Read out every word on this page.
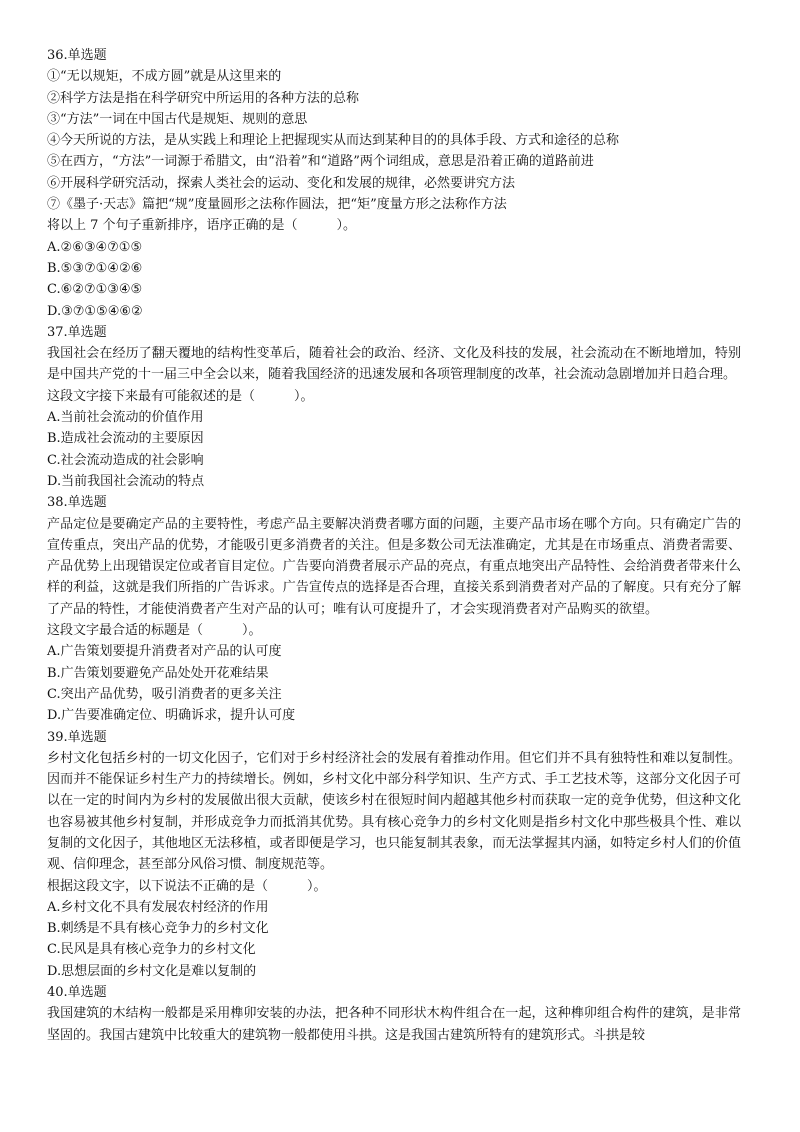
36.单选题
①“无以规矩，不成方圆”就是从这里来的
②科学方法是指在科学研究中所运用的各种方法的总称
③“方法”一词在中国古代是规矩、规则的意思
④今天所说的方法，是从实践上和理论上把握现实从而达到某种目的的具体手段、方式和途径的总称
⑤在西方，“方法”一词源于希腊文，由“沿着”和“道路”两个词组成，意思是沿着正确的道路前进
⑥开展科学研究活动，探索人类社会的运动、变化和发展的规律，必然要讲究方法
⑦《墨子·天志》篇把“规”度量圆形之法称作圆法，把“矩”度量方形之法称作方法
将以上 7 个句子重新排序，语序正确的是（　　　）。
A.②⑥③④⑦①⑤
B.⑤③⑦①④②⑥
C.⑥②⑦①③④⑤
D.③⑦①⑤④⑥②
37.单选题
我国社会在经历了翻天覆地的结构性变革后，随着社会的政治、经济、文化及科技的发展，社会流动在不断地增加，特别是中国共产党的十一届三中全会以来，随着我国经济的迅速发展和各项管理制度的改革，社会流动急剧增加并日趋合理。
这段文字接下来最有可能叙述的是（　　　）。
A.当前社会流动的价值作用
B.造成社会流动的主要原因
C.社会流动造成的社会影响
D.当前我国社会流动的特点
38.单选题
产品定位是要确定产品的主要特性，考虑产品主要解决消费者哪方面的问题，主要产品市场在哪个方向。只有确定广告的宣传重点，突出产品的优势，才能吸引更多消费者的关注。但是多数公司无法准确定，尤其是在市场重点、消费者需要、产品优势上出现错误定位或者盲目定位。广告要向消费者展示产品的亮点，有重点地突出产品特性、会给消费者带来什么样的利益，这就是我们所指的广告诉求。广告宣传点的选择是否合理，直接关系到消费者对产品的了解度。只有充分了解了产品的特性，才能使消费者产生对产品的认可；唯有认可度提升了，才会实现消费者对产品购买的欲望。
这段文字最合适的标题是（　　　）。
A.广告策划要提升消费者对产品的认可度
B.广告策划要避免产品处处开花难结果
C.突出产品优势，吸引消费者的更多关注
D.广告要准确定位、明确诉求，提升认可度
39.单选题
乡村文化包括乡村的一切文化因子，它们对于乡村经济社会的发展有着推动作用。但它们并不具有独特性和难以复制性。因而并不能保证乡村生产力的持续增长。例如，乡村文化中部分科学知识、生产方式、手工艺技术等，这部分文化因子可以在一定的时间内为乡村的发展做出很大贡献，使该乡村在很短时间内超越其他乡村而获取一定的竞争优势，但这种文化也容易被其他乡村复制，并形成竞争力而抵消其优势。具有核心竞争力的乡村文化则是指乡村文化中那些极具个性、难以复制的文化因子，其他地区无法移植，或者即便是学习，也只能复制其表象，而无法掌握其内涵，如特定乡村人们的价值观、信仰理念，甚至部分风俗习惯、制度规范等。
根据这段文字，以下说法不正确的是（　　　）。
A.乡村文化不具有发展农村经济的作用
B.刺绣是不具有核心竞争力的乡村文化
C.民风是具有核心竞争力的乡村文化
D.思想层面的乡村文化是难以复制的
40.单选题
我国建筑的木结构一般都是采用榫卯安装的办法，把各种不同形状木构件组合在一起，这种榫卯组合构件的建筑，是非常坚固的。我国古建筑中比较重大的建筑物一般都使用斗拱。这是我国古建筑所特有的建筑形式。斗拱是较
